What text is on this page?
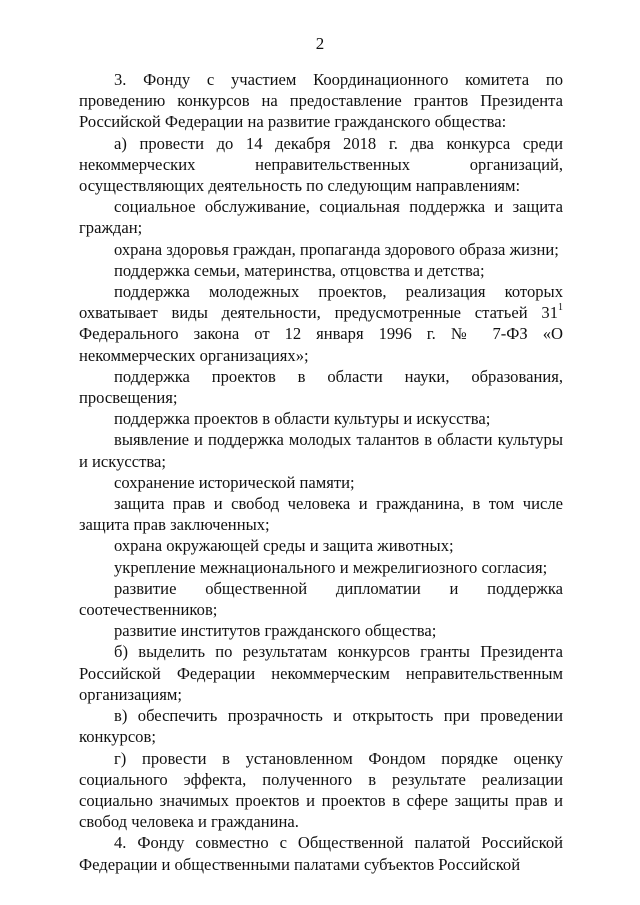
2

3. Фонду с участием Координационного комитета по проведению конкурсов на предоставление грантов Президента Российской Федерации на развитие гражданского общества:

а) провести до 14 декабря 2018 г. два конкурса среди некоммерческих неправительственных организаций, осуществляющих деятельность по следующим направлениям:

социальное обслуживание, социальная поддержка и защита граждан;

охрана здоровья граждан, пропаганда здорового образа жизни;

поддержка семьи, материнства, отцовства и детства;

поддержка молодежных проектов, реализация которых охватывает виды деятельности, предусмотренные статьей $31^1$ Федерального закона от 12 января 1996 г. № 7-ФЗ «О некоммерческих организациях»;

поддержка проектов в области науки, образования, просвещения;

поддержка проектов в области культуры и искусства;

выявление и поддержка молодых талантов в области культуры и искусства;

сохранение исторической памяти;

защита прав и свобод человека и гражданина, в том числе защита прав заключенных;

охрана окружающей среды и защита животных;

укрепление межнационального и межрелигиозного согласия;

развитие общественной дипломатии и поддержка соотечественников;

развитие институтов гражданского общества;

б) выделить по результатам конкурсов гранты Президента Российской Федерации некоммерческим неправительственным организациям;

в) обеспечить прозрачность и открытость при проведении конкурсов;

г) провести в установленном Фондом порядке оценку социального эффекта, полученного в результате реализации социально значимых проектов и проектов в сфере защиты прав и свобод человека и гражданина.

4. Фонду совместно с Общественной палатой Российской Федерации и общественными палатами субъектов Российской
